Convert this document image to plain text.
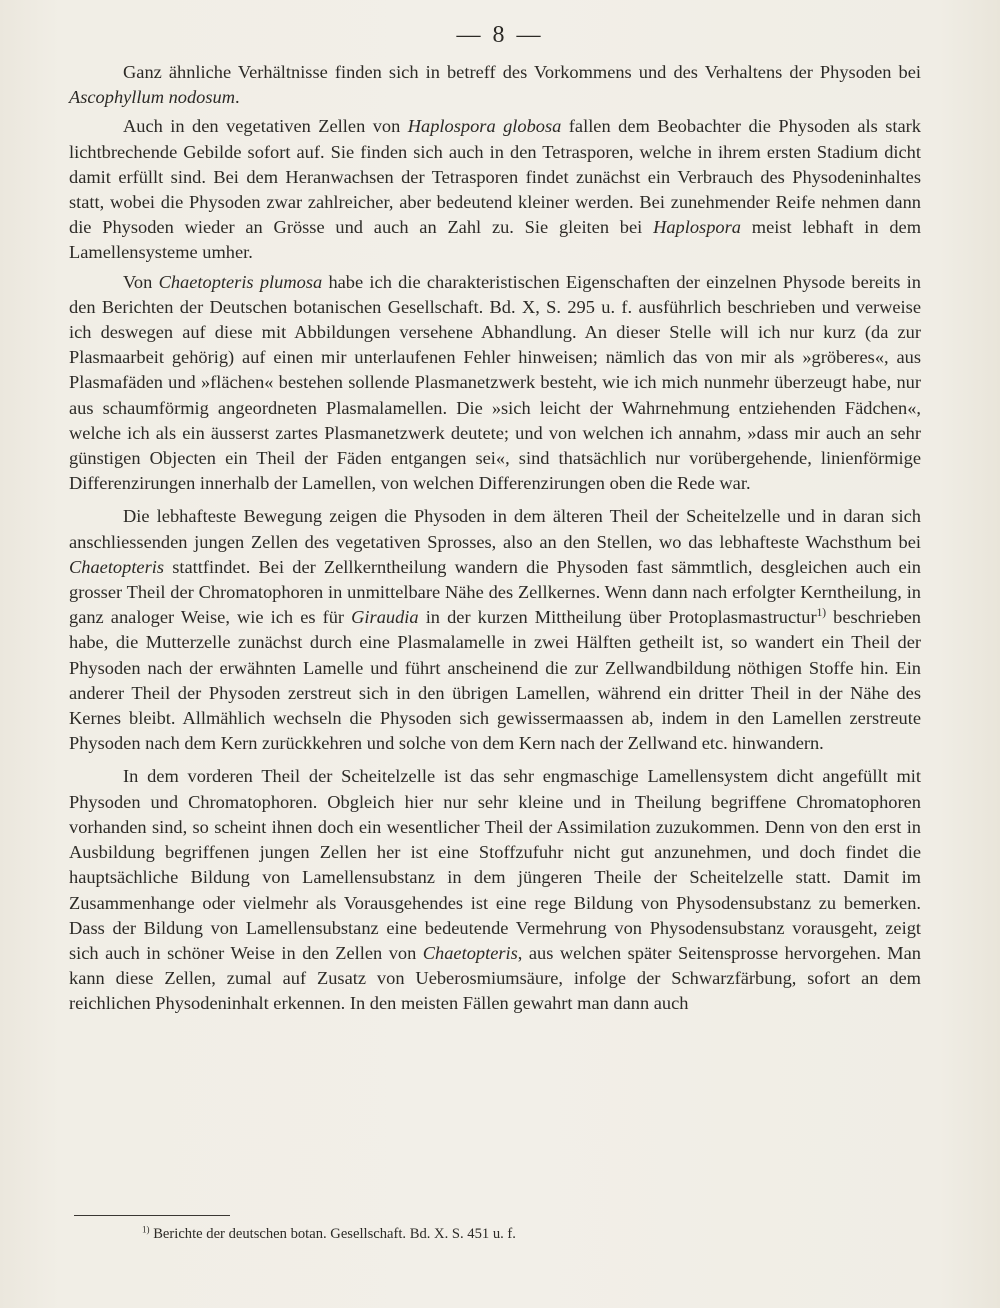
— 8 —

Ganz ähnliche Verhältnisse finden sich in betreff des Vorkommens und des Verhaltens der Physoden bei Ascophyllum nodosum.

Auch in den vegetativen Zellen von Haplospora globosa fallen dem Beobachter die Physoden als stark lichtbrechende Gebilde sofort auf. Sie finden sich auch in den Tetrasporen, welche in ihrem ersten Stadium dicht damit erfüllt sind. Bei dem Heranwachsen der Tetrasporen findet zunächst ein Verbrauch des Physodeninhaltes statt, wobei die Physoden zwar zahlreicher, aber bedeutend kleiner werden. Bei zunehmender Reife nehmen dann die Physoden wieder an Grösse und auch an Zahl zu. Sie gleiten bei Haplospora meist lebhaft in dem Lamellensysteme umher.

Von Chaetopteris plumosa habe ich die charakteristischen Eigenschaften der einzelnen Physode bereits in den Berichten der Deutschen botanischen Gesellschaft. Bd. X, S. 295 u. f. ausführlich beschrieben und verweise ich deswegen auf diese mit Abbildungen versehene Abhandlung. An dieser Stelle will ich nur kurz (da zur Plasmaarbeit gehörig) auf einen mir unterlaufenen Fehler hinweisen; nämlich das von mir als »gröberes«, aus Plasmafäden und »flächen« bestehen sollende Plasmanetzwerk besteht, wie ich mich nunmehr überzeugt habe, nur aus schaumförmig angeordneten Plasmalamellen. Die »sich leicht der Wahrnehmung entziehenden Fädchen«, welche ich als ein äusserst zartes Plasmanetzwerk deutete; und von welchen ich annahm, »dass mir auch an sehr günstigen Objecten ein Theil der Fäden entgangen sei«, sind thatsächlich nur vorübergehende, linienförmige Differenzirungen innerhalb der Lamellen, von welchen Differenzirungen oben die Rede war.

Die lebhafteste Bewegung zeigen die Physoden in dem älteren Theil der Scheitelzelle und in daran sich anschliessenden jungen Zellen des vegetativen Sprosses, also an den Stellen, wo das lebhafteste Wachsthum bei Chaetopteris stattfindet. Bei der Zellkerntheilung wandern die Physoden fast sämmtlich, desgleichen auch ein grosser Theil der Chromatophoren in unmittelbare Nähe des Zellkernes. Wenn dann nach erfolgter Kerntheilung, in ganz analoger Weise, wie ich es für Giraudia in der kurzen Mittheilung über Protoplasmastructur$^{1)}$ beschrieben habe, die Mutterzelle zunächst durch eine Plasmalamelle in zwei Hälften getheilt ist, so wandert ein Theil der Physoden nach der erwähnten Lamelle und führt anscheinend die zur Zellwandbildung nöthigen Stoffe hin. Ein anderer Theil der Physoden zerstreut sich in den übrigen Lamellen, während ein dritter Theil in der Nähe des Kernes bleibt. Allmählich wechseln die Physoden sich gewissermaassen ab, indem in den Lamellen zerstreute Physoden nach dem Kern zurückkehren und solche von dem Kern nach der Zellwand etc. hinwandern.

In dem vorderen Theil der Scheitelzelle ist das sehr engmaschige Lamellensystem dicht angefüllt mit Physoden und Chromatophoren. Obgleich hier nur sehr kleine und in Theilung begriffene Chromatophoren vorhanden sind, so scheint ihnen doch ein wesentlicher Theil der Assimilation zuzukommen. Denn von den erst in Ausbildung begriffenen jungen Zellen her ist eine Stoffzufuhr nicht gut anzunehmen, und doch findet die hauptsächliche Bildung von Lamellensubstanz in dem jüngeren Theile der Scheitelzelle statt. Damit im Zusammenhange oder vielmehr als Vorausgehendes ist eine rege Bildung von Physodensubstanz zu bemerken. Dass der Bildung von Lamellensubstanz eine bedeutende Vermehrung von Physodensubstanz vorausgeht, zeigt sich auch in schöner Weise in den Zellen von Chaetopteris, aus welchen später Seitensprosse hervorgehen. Man kann diese Zellen, zumal auf Zusatz von Ueberosmiumsäure, infolge der Schwarzfärbung, sofort an dem reichlichen Physodeninhalt erkennen. In den meisten Fällen gewahrt man dann auch

$^{1)}$ Berichte der deutschen botan. Gesellschaft. Bd. X. S. 451 u. f.
